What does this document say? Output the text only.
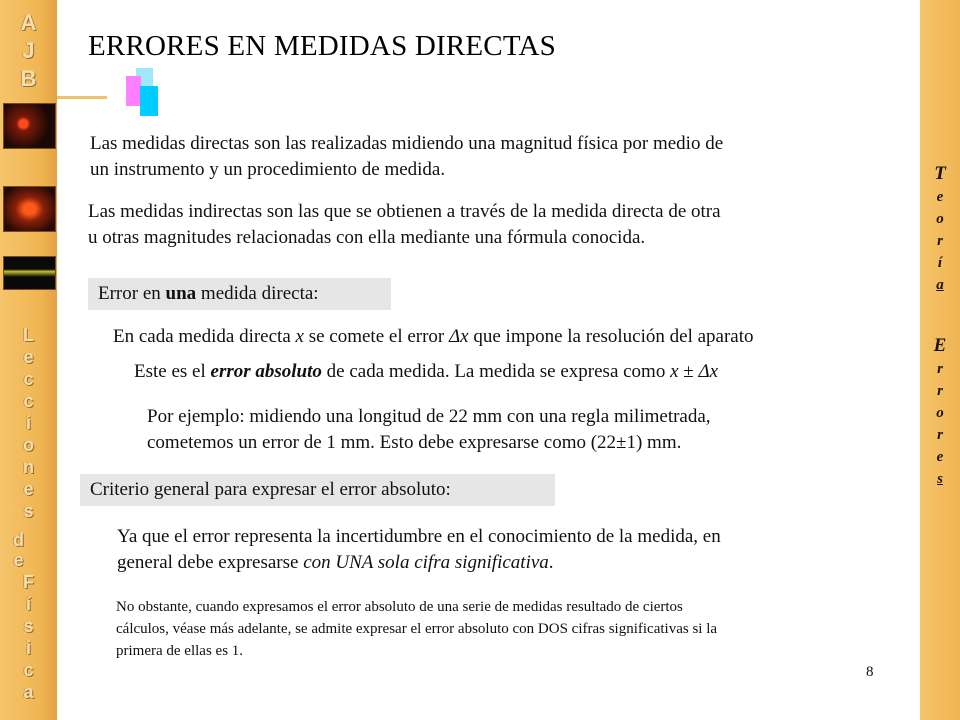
A
J
B
L
e
c
c
i
o
n
e
s
d
e
F
í
s
i
c
a
T
e
o
r
í
a
E
r
r
o
r
e
s
ERRORES EN MEDIDAS DIRECTAS
Las medidas directas son las realizadas midiendo una magnitud física por medio de
un instrumento y un procedimiento de medida.
Las medidas indirectas son las que se obtienen a través de la medida directa de otra
u otras magnitudes relacionadas con ella mediante una fórmula conocida.
Error en una medida directa:
En cada medida directa x se comete el error Δx que impone la resolución del aparato
Este es el error absoluto de cada medida. La medida se expresa como x ± Δx
Por ejemplo: midiendo una longitud de 22 mm con una regla milimetrada,
cometemos un error de 1 mm. Esto debe expresarse como (22±1) mm.
Criterio general para expresar el error absoluto:
Ya que el error representa la incertidumbre en el conocimiento de la medida, en
general debe expresarse con UNA sola cifra significativa.
No obstante, cuando expresamos el error absoluto de una serie de medidas resultado de ciertos
cálculos, véase más adelante, se admite expresar el error absoluto con DOS cifras significativas si la
primera de ellas es 1.
8
